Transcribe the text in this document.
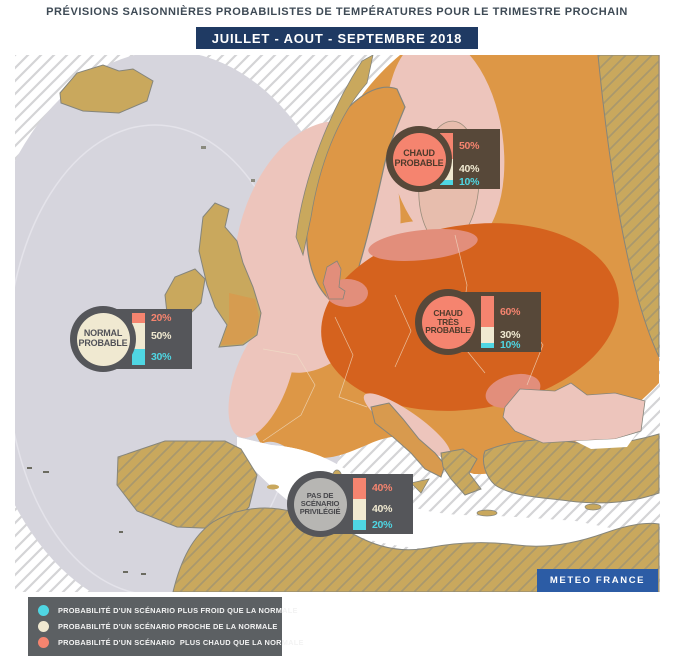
PRÉVISIONS SAISONNIÈRES PROBABILISTES DE TEMPÉRATURES POUR LE TRIMESTRE PROCHAIN
JUILLET - AOUT - SEPTEMBRE 2018
50%
40%
10%
CHAUD
PROBABLE
60%
30%
10%
CHAUD
TRÈS
PROBABLE
20%
50%
30%
NORMAL
PROBABLE
40%
40%
20%
PAS DE
SCÉNARIO
PRIVILÉGIÉ
METEO FRANCE
PROBABILITÉ D'UN SCÉNARIO PLUS FROID QUE LA NORMALE
PROBABILITÉ D'UN SCÉNARIO PROCHE DE LA NORMALE
PROBABILITÉ D'UN SCÉNARIO  PLUS CHAUD QUE LA NORMALE
